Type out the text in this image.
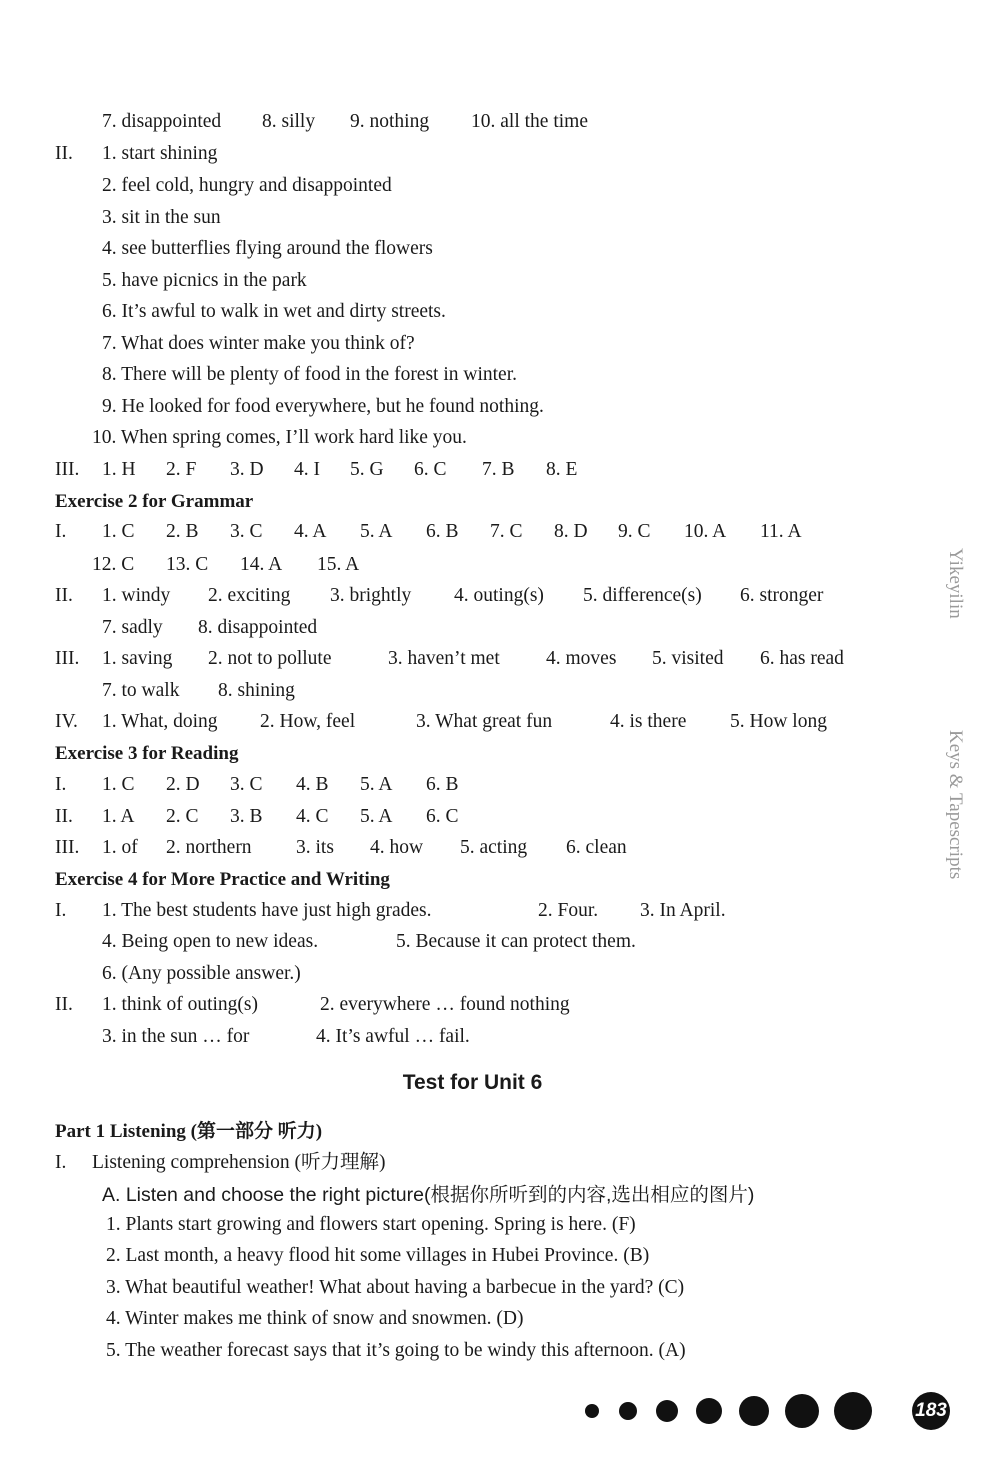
7. disappointed 8. silly 9. nothing 10. all the time
II. 1. start shining
2. feel cold, hungry and disappointed
3. sit in the sun
4. see butterflies flying around the flowers
5. have picnics in the park
6. It’s awful to walk in wet and dirty streets.
7. What does winter make you think of?
8. There will be plenty of food in the forest in winter.
9. He looked for food everywhere, but he found nothing.
10. When spring comes, I’ll work hard like you.
III. 1. H 2. F 3. D 4. I 5. G 6. C 7. B 8. E
I. 1. C 2. B 3. C 4. A 5. A 6. B 7. C 8. D 9. C 10. A 11. A
12. C 13. C 14. A 15. A
II. 1. windy 2. exciting 3. brightly 4. outing(s) 5. difference(s) 6. stronger
7. sadly 8. disappointed
III. 1. saving 2. not to pollute	3. haven’t met 4. moves 5. visited 6. has read
7. to walk 8. shining
IV. 1. What, doing 2. How, feel	3. What great fun	4. is there 5. How long
I. 1. C 2. D 3. C 4. B 5. A 6. B
II. 1. A 2. C 3. B 4. C 5. A 6. C
III. 1. of 2. northern 3. its 4. how 5. acting 6. clean
I. 1. The best students have just high grades.	2. Four. 3. In April.
4. Being open to new ideas.	5. Because it can protect them.
6. (Any possible answer.)
II. 1. think of outing(s)	2. everywhere … found nothing
3. in the sun … for	4. It’s awful … fail.
I. Listening comprehension (听力理解)
A. Listen and choose the right picture(根据你所听到的内容,选出相应的图片)
1. Plants start growing and flowers start opening. Spring is here. (F)
2. Last month, a heavy flood hit some villages in Hubei Province. (B)
3. What beautiful weather! What about having a barbecue in the yard? (C)
4. Winter makes me think of snow and snowmen. (D)
5. The weather forecast says that it’s going to be windy this afternoon. (A)
Exercise 2 for Grammar
Exercise 3 for Reading
Exercise 4 for More Practice and Writing
Part 1 Listening (第一部分 听力)
Test for Unit 6
Yikeyilin
Keys & Tapescripts
183
